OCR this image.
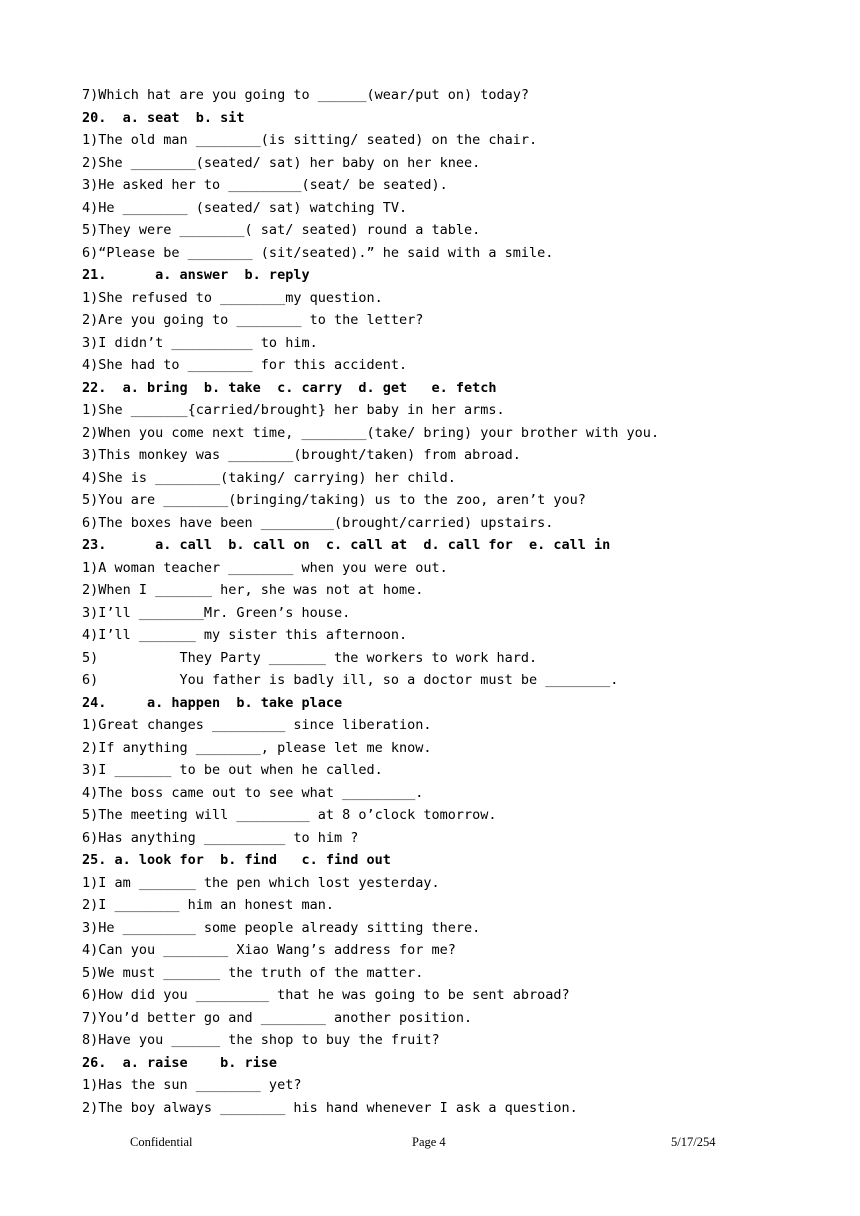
7)Which hat are you going to ______(wear/put on) today?
20.  a. seat  b. sit
1)The old man ________(is sitting/ seated) on the chair.
2)She ________(seated/ sat) her baby on her knee.
3)He asked her to _________(seat/ be seated).
4)He ________ (seated/ sat) watching TV.
5)They were ________( sat/ seated) round a table.
6)“Please be ________ (sit/seated).” he said with a smile.
21.      a. answer  b. reply
1)She refused to ________my question.
2)Are you going to ________ to the letter?
3)I didn’t __________ to him.
4)She had to ________ for this accident.
22.  a. bring  b. take  c. carry  d. get   e. fetch
1)She _______{carried/brought} her baby in her arms.
2)When you come next time, ________(take/ bring) your brother with you.
3)This monkey was ________(brought/taken) from abroad.
4)She is ________(taking/ carrying) her child.
5)You are ________(bringing/taking) us to the zoo, aren’t you?
6)The boxes have been _________(brought/carried) upstairs.
23.      a. call  b. call on  c. call at  d. call for  e. call in
1)A woman teacher ________ when you were out.
2)When I _______ her, she was not at home.
3)I’ll ________Mr. Green’s house.
4)I’ll _______ my sister this afternoon.
5)          They Party _______ the workers to work hard.
6)          You father is badly ill, so a doctor must be ________.
24.     a. happen  b. take place
1)Great changes _________ since liberation.
2)If anything ________, please let me know.
3)I _______ to be out when he called.
4)The boss came out to see what _________.
5)The meeting will _________ at 8 o’clock tomorrow.
6)Has anything __________ to him ?
25. a. look for  b. find   c. find out
1)I am _______ the pen which lost yesterday.
2)I ________ him an honest man.
3)He _________ some people already sitting there.
4)Can you ________ Xiao Wang’s address for me?
5)We must _______ the truth of the matter.
6)How did you _________ that he was going to be sent abroad?
7)You’d better go and ________ another position.
8)Have you ______ the shop to buy the fruit?
26.  a. raise    b. rise
1)Has the sun ________ yet?
2)The boy always ________ his hand whenever I ask a question.
Confidential	Page 4	5/17/254
